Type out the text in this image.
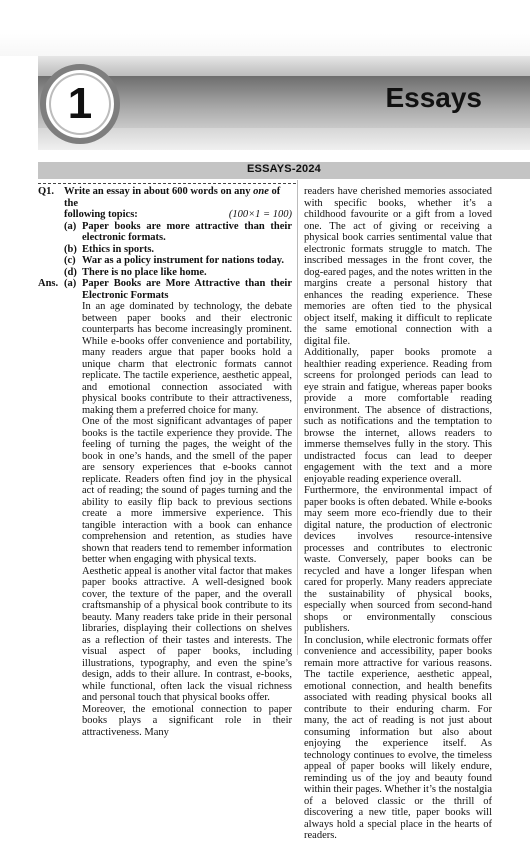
1	Essays
ESSAYS-2024
Q1. Write an essay in about 600 words on any one of the
following topics:	(100×1 = 100)
(a) Paper books are more attractive than their electronic formats.
(b) Ethics in sports.
(c) War as a policy instrument for nations today.
(d) There is no place like home.
Ans. (a) Paper Books are More Attractive than their Electronic Formats
In an age dominated by technology, the debate between paper books and their electronic counterparts has become increasingly prominent. While e-books offer convenience and portability, many readers argue that paper books hold a unique charm that electronic formats cannot replicate. The tactile experience, aesthetic appeal, and emotional connection associated with physical books contribute to their attractiveness, making them a preferred choice for many.
One of the most significant advantages of paper books is the tactile experience they provide. The feeling of turning the pages, the weight of the book in one’s hands, and the smell of the paper are sensory experiences that e-books cannot replicate. Readers often find joy in the physical act of reading; the sound of pages turning and the ability to easily flip back to previous sections create a more immersive experience. This tangible interaction with a book can enhance comprehension and retention, as studies have shown that readers tend to remember information better when engaging with physical texts.
Aesthetic appeal is another vital factor that makes paper books attractive. A well-designed book cover, the texture of the paper, and the overall craftsmanship of a physical book contribute to its beauty. Many readers take pride in their personal libraries, displaying their collections on shelves as a reflection of their tastes and interests. The visual aspect of paper books, including illustrations, typography, and even the spine’s design, adds to their allure. In contrast, e-books, while functional, often lack the visual richness and personal touch that physical books offer.
Moreover, the emotional connection to paper books plays a significant role in their attractiveness. Many
readers have cherished memories associated with specific books, whether it’s a childhood favourite or a gift from a loved one. The act of giving or receiving a physical book carries sentimental value that electronic formats struggle to match. The inscribed messages in the front cover, the dog-eared pages, and the notes written in the margins create a personal history that enhances the reading experience. These memories are often tied to the physical object itself, making it difficult to replicate the same emotional connection with a digital file.
Additionally, paper books promote a healthier reading experience. Reading from screens for prolonged periods can lead to eye strain and fatigue, whereas paper books provide a more comfortable reading environment. The absence of distractions, such as notifications and the temptation to browse the internet, allows readers to immerse themselves fully in the story. This undistracted focus can lead to deeper engagement with the text and a more enjoyable reading experience overall.
Furthermore, the environmental impact of paper books is often debated. While e-books may seem more eco-friendly due to their digital nature, the production of electronic devices involves resource-intensive processes and contributes to electronic waste. Conversely, paper books can be recycled and have a longer lifespan when cared for properly. Many readers appreciate the sustainability of physical books, especially when sourced from second-hand shops or environmentally conscious publishers.
In conclusion, while electronic formats offer convenience and accessibility, paper books remain more attractive for various reasons. The tactile experience, aesthetic appeal, emotional connection, and health benefits associated with reading physical books all contribute to their enduring charm. For many, the act of reading is not just about consuming information but also about enjoying the experience itself. As technology continues to evolve, the timeless appeal of paper books will likely endure, reminding us of the joy and beauty found within their pages. Whether it’s the nostalgia of a beloved classic or the thrill of discovering a new title, paper books will always hold a special place in the hearts of readers.
